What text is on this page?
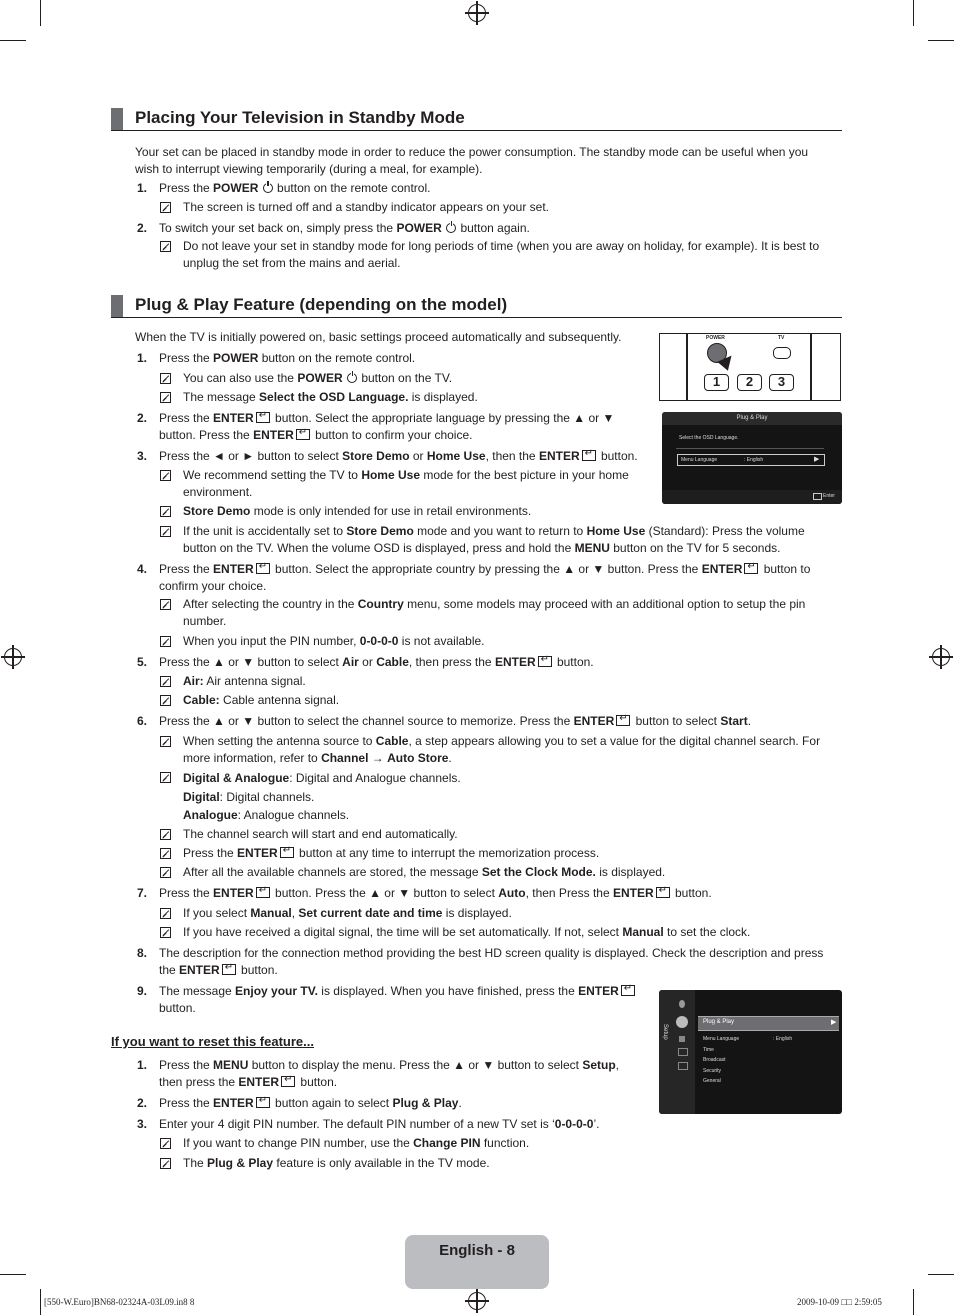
Placing Your Television in Standby Mode
Your set can be placed in standby mode in order to reduce the power consumption. The standby mode can be useful when you wish to interrupt viewing temporarily (during a meal, for example).
1. Press the POWER  button on the remote control.
The screen is turned off and a standby indicator appears on your set.
2. To switch your set back on, simply press the POWER  button again.
Do not leave your set in standby mode for long periods of time (when you are away on holiday, for example). It is best to unplug the set from the mains and aerial.
Plug & Play Feature (depending on the model)
When the TV is initially powered on, basic settings proceed automatically and subsequently.
1. Press the POWER button on the remote control.
You can also use the POWER  button on the TV.
The message Select the OSD Language. is displayed.
2. Press the ENTER↵ button. Select the appropriate language by pressing the ▲ or ▼
button. Press the ENTER↵ button to confirm your choice.
3. Press the ◄ or ► button to select Store Demo or Home Use, then the ENTER↵ button.
We recommend setting the TV to Home Use mode for the best picture in your home
environment.
Store Demo mode is only intended for use in retail environments.
If the unit is accidentally set to Store Demo mode and you want to return to Home Use (Standard): Press the volume
button on the TV. When the volume OSD is displayed, press and hold the MENU button on the TV for 5 seconds.
4. Press the ENTER↵ button. Select the appropriate country by pressing the ▲ or ▼ button. Press the ENTER↵ button to
confirm your choice.
After selecting the country in the Country menu, some models may proceed with an additional option to setup the pin
number.
When you input the PIN number, 0-0-0-0 is not available.
5. Press the ▲ or ▼ button to select Air or Cable, then press the ENTER↵ button.
Air: Air antenna signal.
Cable: Cable antenna signal.
6. Press the ▲ or ▼ button to select the channel source to memorize. Press the ENTER↵ button to select Start.
When setting the antenna source to Cable, a step appears allowing you to set a value for the digital channel search. For
more information, refer to Channel → Auto Store.
Digital & Analogue: Digital and Analogue channels.
Digital: Digital channels.
Analogue: Analogue channels.
The channel search will start and end automatically.
Press the ENTER↵ button at any time to interrupt the memorization process.
After all the available channels are stored, the message Set the Clock Mode. is displayed.
7. Press the ENTER↵ button. Press the ▲ or ▼ button to select Auto, then Press the ENTER↵ button.
If you select Manual, Set current date and time is displayed.
If you have received a digital signal, the time will be set automatically. If not, select Manual to set the clock.
8. The description for the connection method providing the best HD screen quality is displayed. Check the description and press
the ENTER↵ button.
9. The message Enjoy your TV. is displayed. When you have finished, press the ENTER↵
button.
If you want to reset this feature...
1. Press the MENU button to display the menu. Press the ▲ or ▼ button to select Setup,
then press the ENTER↵ button.
2. Press the ENTER↵ button again to select Plug & Play.
3. Enter your 4 digit PIN number. The default PIN number of a new TV set is ‘0-0-0-0’.
If you want to change PIN number, use the Change PIN function.
The Plug & Play feature is only available in the TV mode.
POWER	TV
1	2	3
Plug & Play
Select the OSD Language.
Menu Language	: English	▶
Enter
Setup
Plug & Play	▶
Menu Language	: English
Time
Broadcast
Security
General
English - 8
[550-W.Euro]BN68-02324A-03L09.in8 8	2009-10-09 □□ 2:59:05
